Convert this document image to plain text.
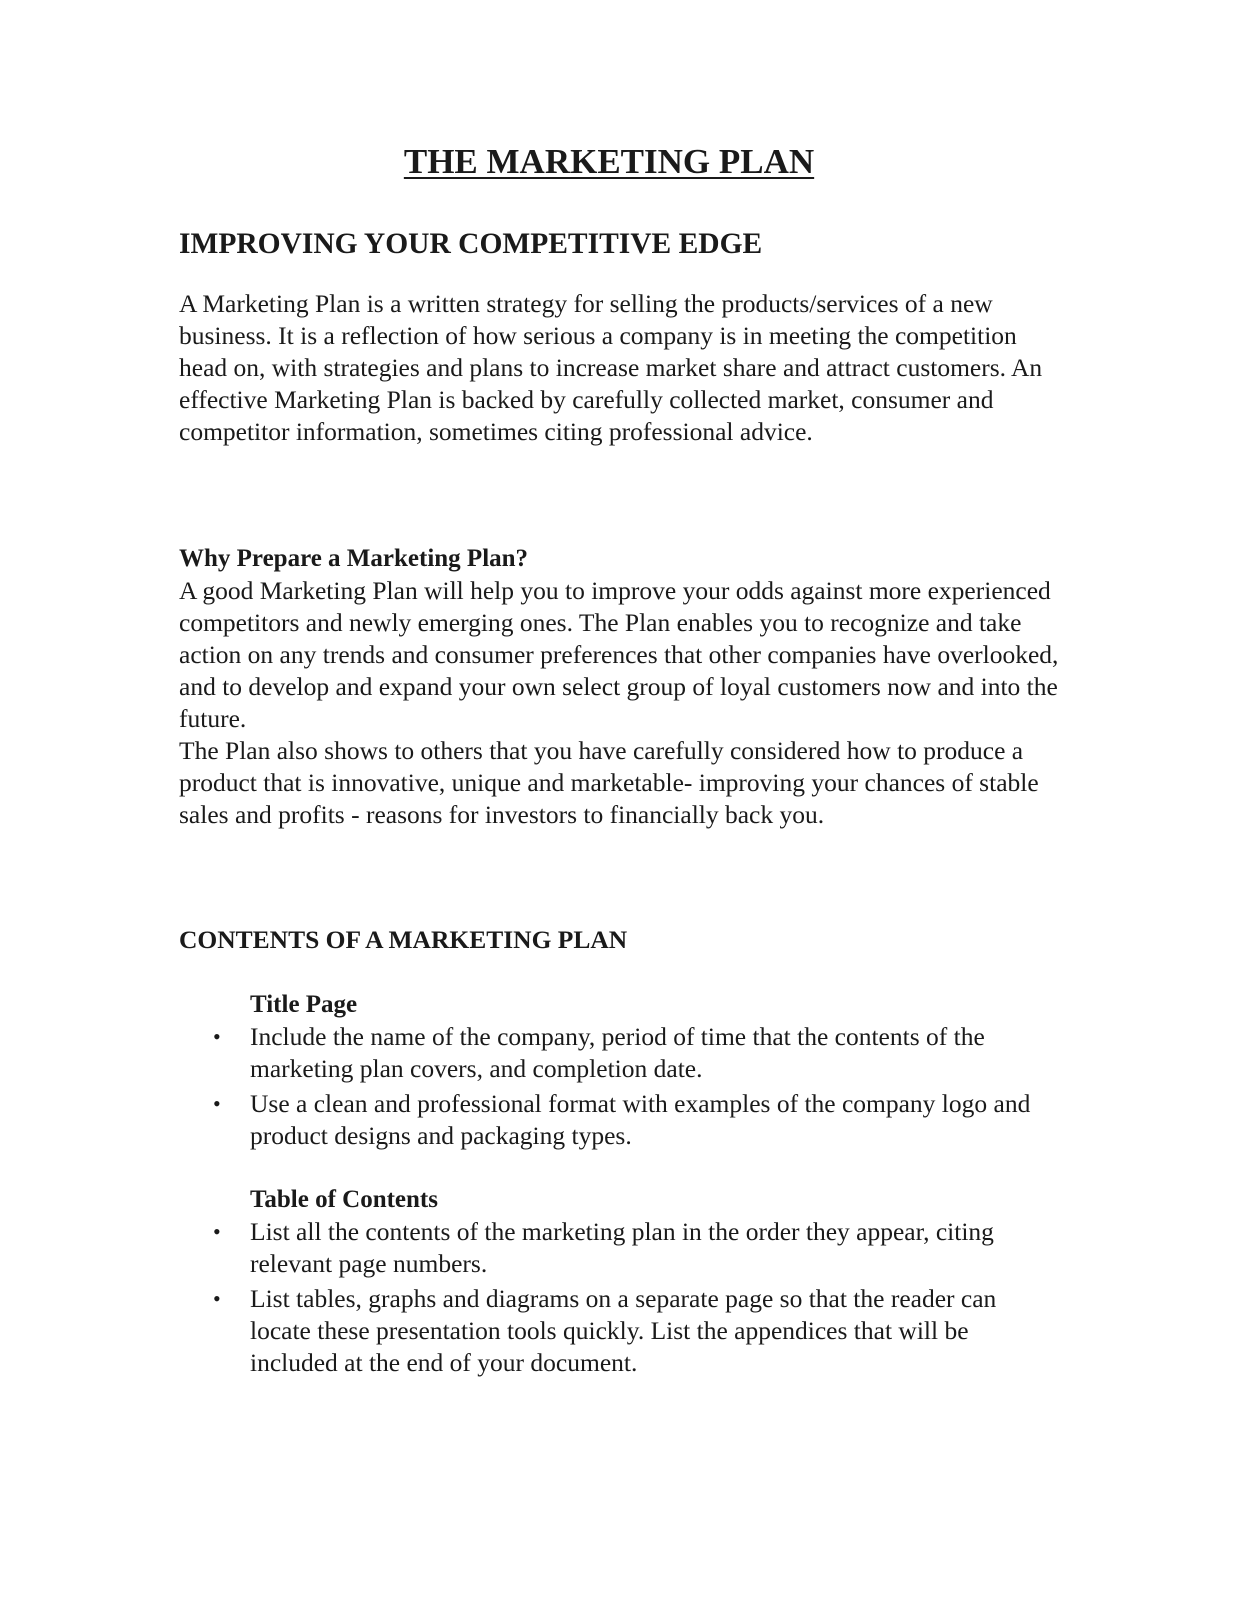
THE MARKETING PLAN
IMPROVING YOUR COMPETITIVE EDGE

A Marketing Plan is a written strategy for selling the products/services of a new business. It is a reflection of how serious a company is in meeting the competition head on, with strategies and plans to increase market share and attract customers. An effective Marketing Plan is backed by carefully collected market, consumer and competitor information, sometimes citing professional advice.

Why Prepare a Marketing Plan?

A good Marketing Plan will help you to improve your odds against more experienced competitors and newly emerging ones. The Plan enables you to recognize and take action on any trends and consumer preferences that other companies have overlooked, and to develop and expand your own select group of loyal customers now and into the future.

The Plan also shows to others that you have carefully considered how to produce a product that is innovative, unique and marketable- improving your chances of stable sales and profits - reasons for investors to financially back you.

CONTENTS OF A MARKETING PLAN
Title Page
• Include the name of the company, period of time that the contents of the marketing plan covers, and completion date.
• Use a clean and professional format with examples of the company logo and product designs and packaging types.
Table of Contents
• List all the contents of the marketing plan in the order they appear, citing relevant page numbers.
• List tables, graphs and diagrams on a separate page so that the reader can locate these presentation tools quickly. List the appendices that will be included at the end of your document.
